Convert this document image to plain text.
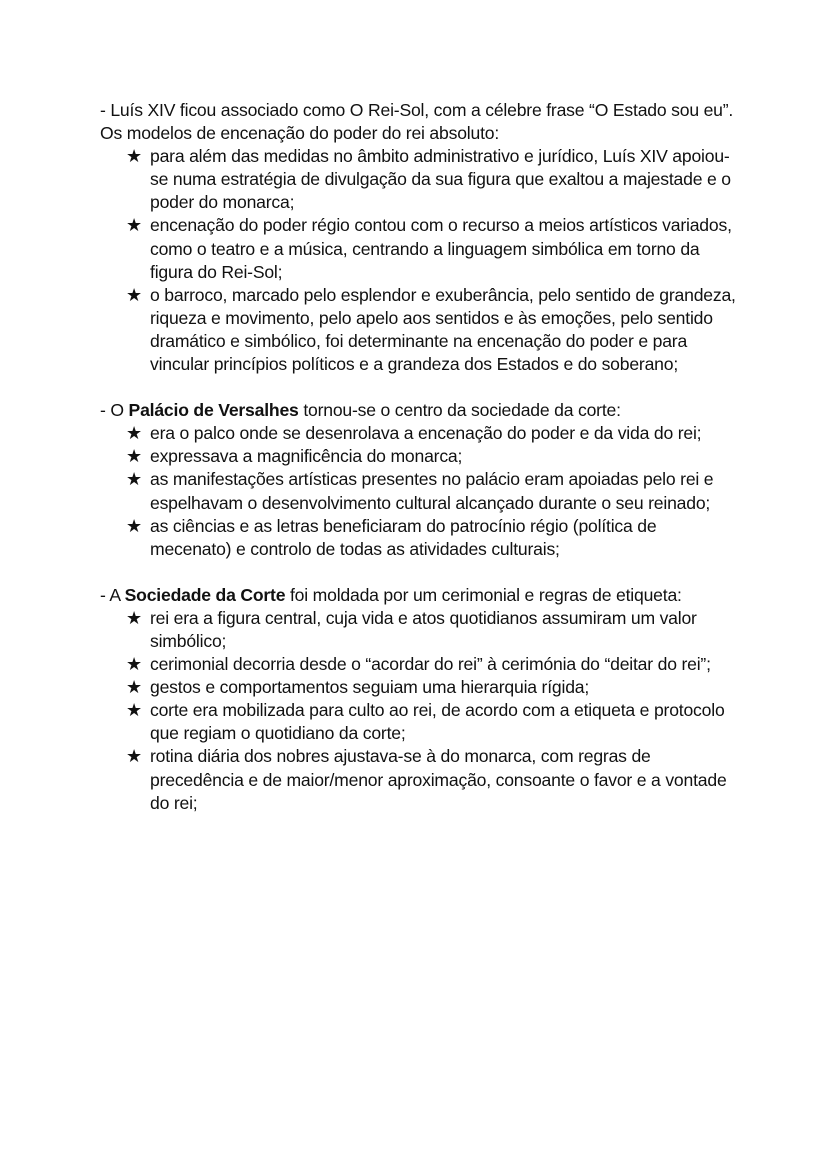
- Luís XIV ficou associado como O Rei-Sol, com a célebre frase “O Estado sou eu”. Os modelos de encenação do poder do rei absoluto:

★ para além das medidas no âmbito administrativo e jurídico, Luís XIV apoiou-se numa estratégia de divulgação da sua figura que exaltou a majestade e o poder do monarca;
★ encenação do poder régio contou com o recurso a meios artísticos variados, como o teatro e a música, centrando a linguagem simbólica em torno da figura do Rei-Sol;
★ o barroco, marcado pelo esplendor e exuberância, pelo sentido de grandeza, riqueza e movimento, pelo apelo aos sentidos e às emoções, pelo sentido dramático e simbólico, foi determinante na encenação do poder e para vincular princípios políticos e a grandeza dos Estados e do soberano;

- O Palácio de Versalhes tornou-se o centro da sociedade da corte:

★ era o palco onde se desenrolava a encenação do poder e da vida do rei;
★ expressava a magnificência do monarca;
★ as manifestações artísticas presentes no palácio eram apoiadas pelo rei e espelhavam o desenvolvimento cultural alcançado durante o seu reinado;
★ as ciências e as letras beneficiaram do patrocínio régio (política de mecenato) e controlo de todas as atividades culturais;

- A Sociedade da Corte foi moldada por um cerimonial e regras de etiqueta:

★ rei era a figura central, cuja vida e atos quotidianos assumiram um valor simbólico;
★ cerimonial decorria desde o “acordar do rei” à cerimónia do “deitar do rei”;
★ gestos e comportamentos seguiam uma hierarquia rígida;
★ corte era mobilizada para culto ao rei, de acordo com a etiqueta e protocolo que regiam o quotidiano da corte;
★ rotina diária dos nobres ajustava-se à do monarca, com regras de precedência e de maior/menor aproximação, consoante o favor e a vontade do rei;
